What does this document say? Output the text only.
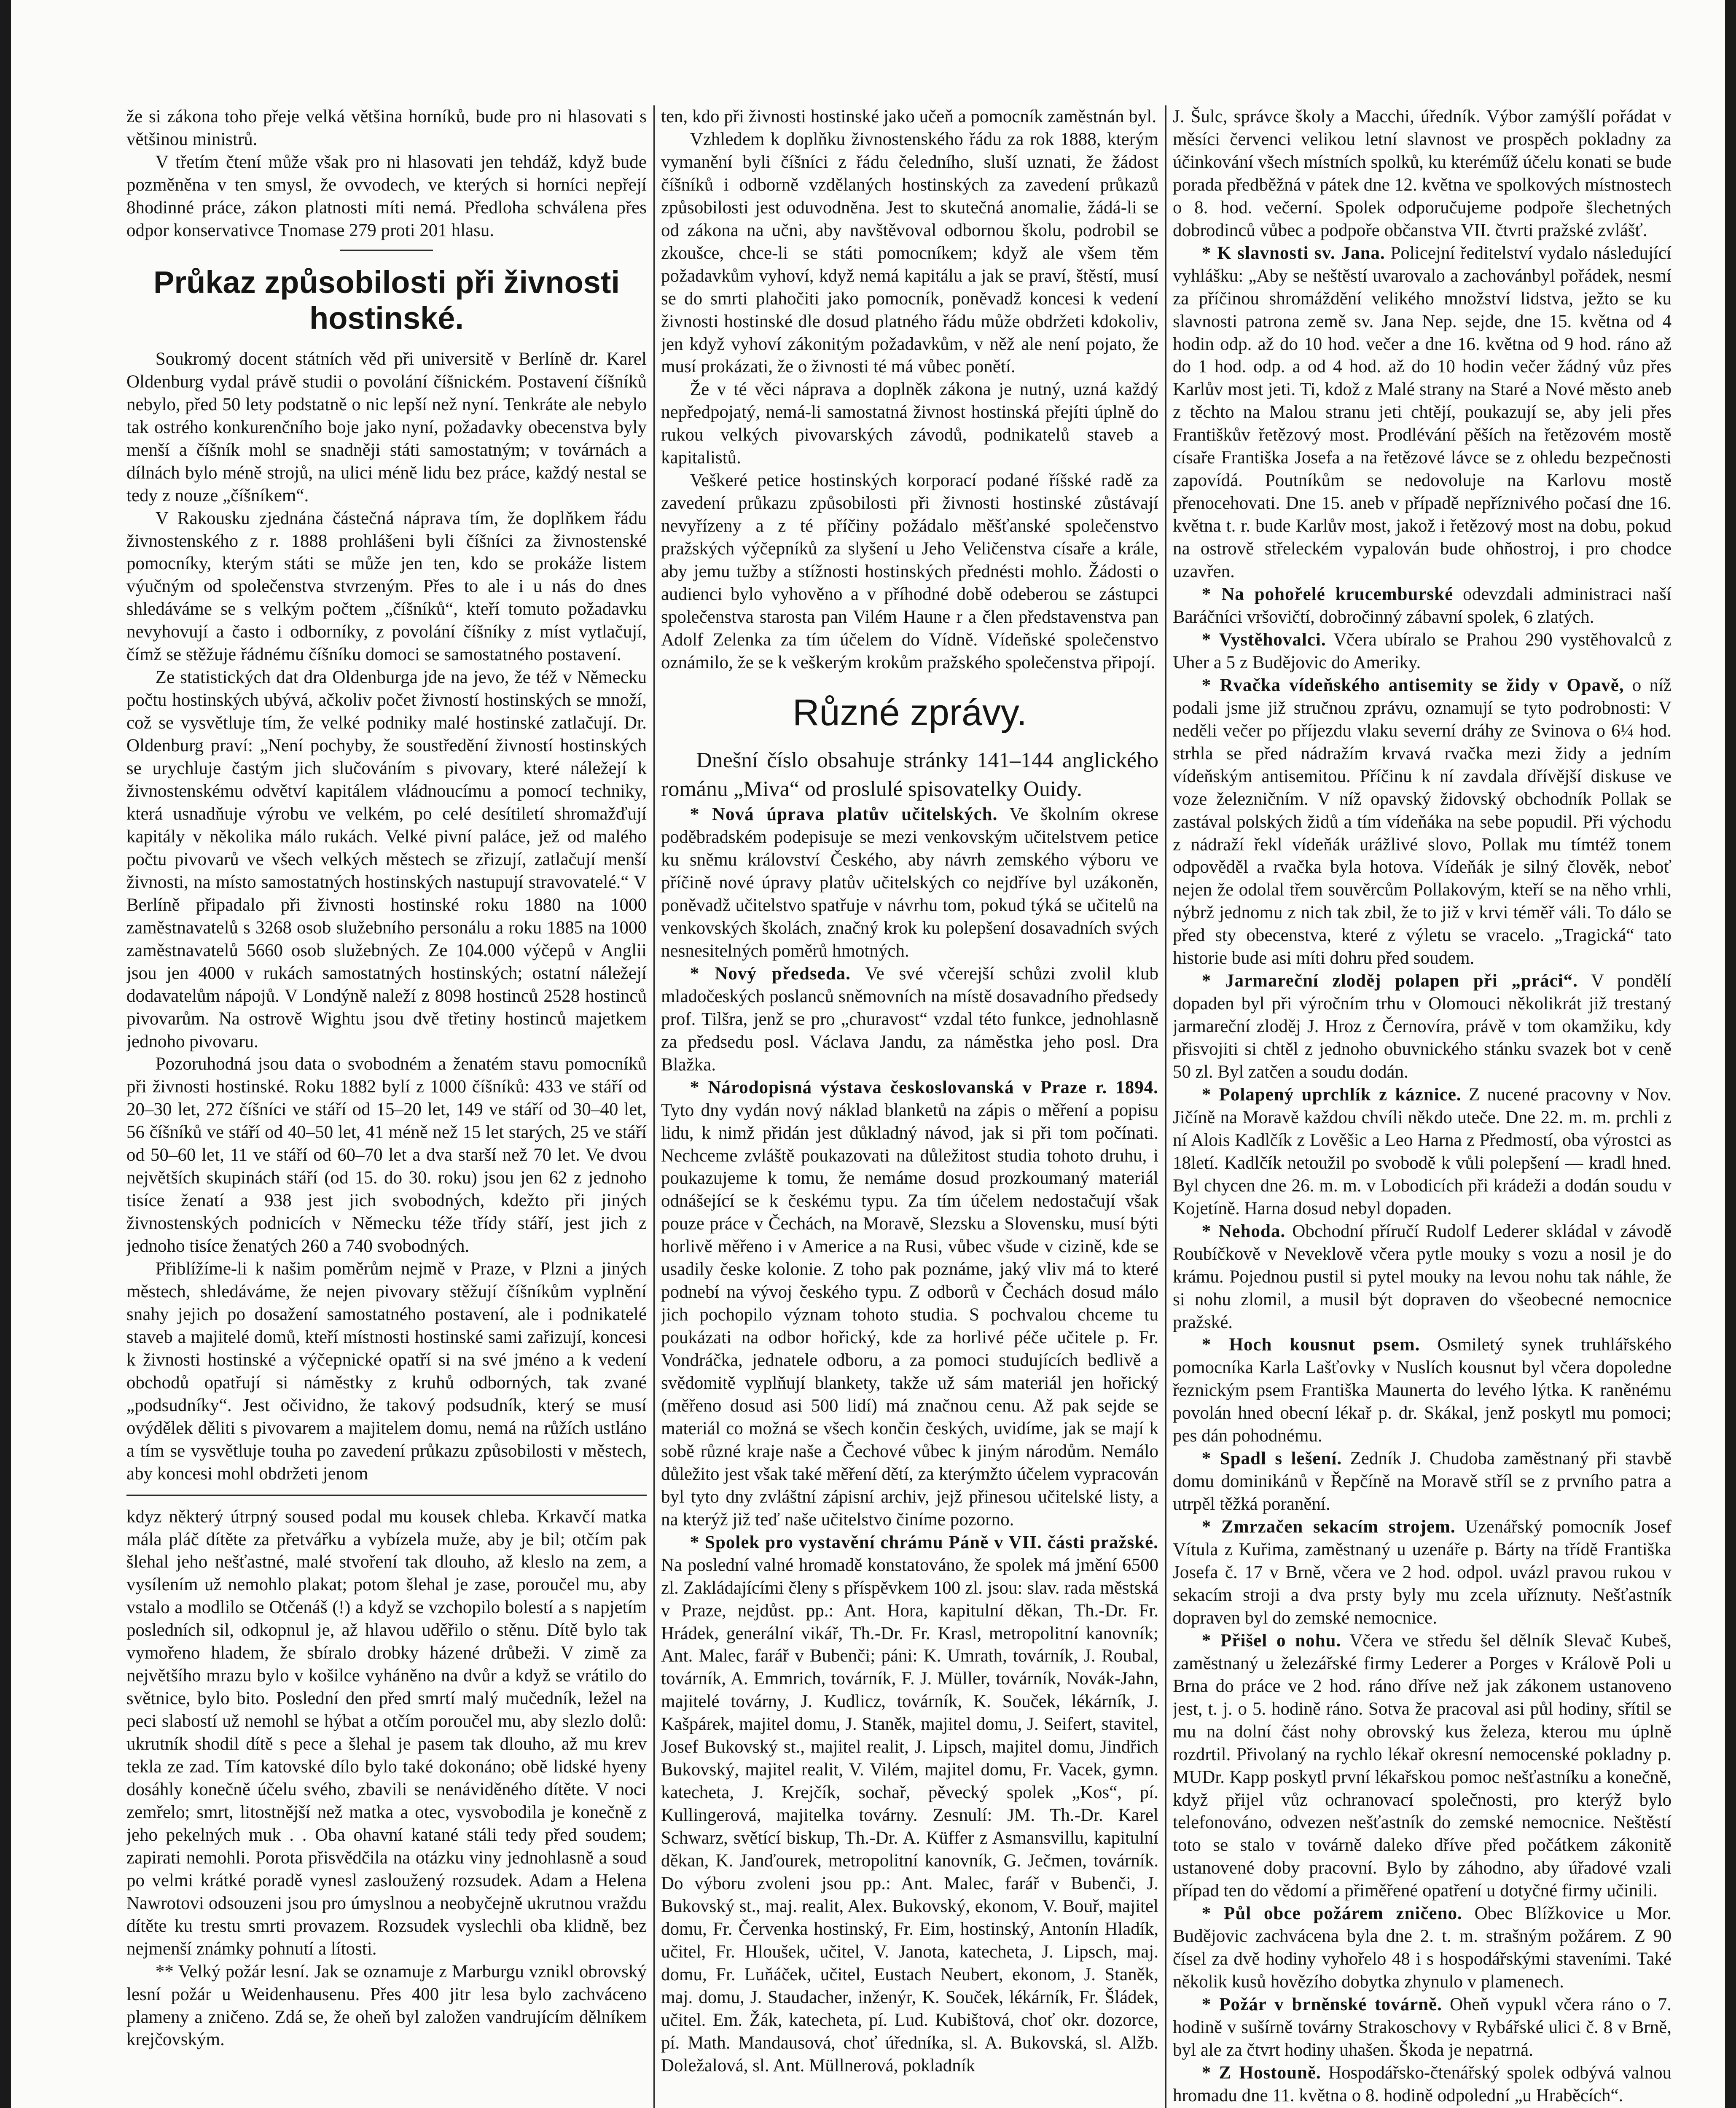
že si zákona toho přeje velká většina horníků, bude pro ni hlasovati s většinou ministrů.

V třetím čtení může však pro ni hlasovati jen tehdáž, když bude pozměněna v ten smysl, že ovvodech, ve kterých si horníci nepřejí 8hodinné práce, zákon platnosti míti nemá. Předloha schválena přes odpor konservativce Tnomase 279 proti 201 hlasu.

Průkaz způsobilosti při živnosti hostinské.

Soukromý docent státních věd při universitě v Berlíně dr. Karel Oldenburg vydal právě studii o povolání číšnickém. Postavení číšníků nebylo, před 50 lety podstatně o nic lepší než nyní. Tenkráte ale nebylo tak ostrého konkurenčního boje jako nyní, požadavky obecenstva byly menší a číšník mohl se snadněji státi samostatným; v továrnách a dílnách bylo méně strojů, na ulici méně lidu bez práce, každý nestal se tedy z nouze „číšníkem“.

V Rakousku zjednána částečná náprava tím, že doplňkem řádu živnostenského z r. 1888 prohlášeni byli číšníci za živnostenské pomocníky, kterým státi se může jen ten, kdo se prokáže listem výučným od společenstva stvrzeným. Přes to ale i u nás do dnes shledáváme se s velkým počtem „číšníků“, kteří tomuto požadavku nevyhovují a často i odborníky, z povolání číšníky z míst vytlačují, čímž se stěžuje řádnému číšníku domoci se samostatného postavení.

Ze statistických dat dra Oldenburga jde na jevo, že též v Německu počtu hostinských ubývá, ačkoliv počet živností hostinských se množí, což se vysvětluje tím, že velké podniky malé hostinské zatlačují. Dr. Oldenburg praví: „Není pochyby, že soustředění živností hostinských se urychluje častým jich slučováním s pivovary, které náležejí k živnostenskému odvětví kapitálem vládnoucímu a pomocí techniky, která usnadňuje výrobu ve velkém, po celé desítiletí shromažďují kapitály v několika málo rukách. Velké pivní paláce, jež od malého počtu pivovarů ve všech velkých městech se zřizují, zatlačují menší živnosti, na místo samostatných hostinských nastupují stravovatelé.“ V Berlíně připadalo při živnosti hostinské roku 1880 na 1000 zaměstnavatelů s 3268 osob služebního personálu a roku 1885 na 1000 zaměstnavatelů 5660 osob služebných. Ze 104.000 výčepů v Anglii jsou jen 4000 v rukách samostatných hostinských; ostatní náležejí dodavatelům nápojů. V Londýně naleží z 8098 hostinců 2528 hostinců pivovarům. Na ostrově Wightu jsou dvě třetiny hostinců majetkem jednoho pivovaru.

Pozoruhodná jsou data o svobodném a ženatém stavu pomocníků při živnosti hostinské. Roku 1882 bylí z 1000 číšníků: 433 ve stáří od 20–30 let, 272 číšníci ve stáří od 15–20 let, 149 ve stáří od 30–40 let, 56 číšníků ve stáří od 40–50 let, 41 méně než 15 let starých, 25 ve stáří od 50–60 let, 11 ve stáří od 60–70 let a dva starší než 70 let. Ve dvou největších skupinách stáří (od 15. do 30. roku) jsou jen 62 z jednoho tisíce ženatí a 938 jest jich svobodných, kdežto při jiných živnostenských podnicích v Německu téže třídy stáří, jest jich z jednoho tisíce ženatých 260 a 740 svobodných.

Přiblížíme-li k našim poměrům nejmě v Praze, v Plzni a jiných městech, shledáváme, že nejen pivovary stěžují číšníkům vyplnění snahy jejich po dosažení samostatného postavení, ale i podnikatelé staveb a majitelé domů, kteří místnosti hostinské sami zařizují, koncesi k živnosti hostinské a výčepnické opatří si na své jméno a k vedení obchodů opatřují si náměstky z kruhů odborných, tak zvané „podsudníky“. Jest očividno, že takový podsudník, který se musí ovýdělek děliti s pivovarem a majitelem domu, nemá na růžích ustláno a tím se vysvětluje touha po zavedení průkazu způsobilosti v městech, aby koncesi mohl obdržeti jenom

kdyz některý útrpný soused podal mu kousek chleba. Krkavčí matka mála pláč dítěte za přetvářku a vybízela muže, aby je bil; otčím pak šlehal jeho nešťastné, malé stvoření tak dlouho, až kleslo na zem, a vysílením už nemohlo plakat; potom šlehal je zase, poroučel mu, aby vstalo a modlilo se Otčenáš (!) a když se vzchopilo bolestí a s napjetím posledních sil, odkopnul je, až hlavou uděřilo o stěnu. Dítě bylo tak vymořeno hladem, že sbíralo drobky házené drůbeži. V zimě za největšího mrazu bylo v košilce vyháněno na dvůr a když se vrátilo do světnice, bylo bito. Poslední den před smrtí malý mučedník, ležel na peci slabostí už nemohl se hýbat a otčím poroučel mu, aby slezlo dolů: ukrutník shodil dítě s pece a šlehal je pasem tak dlouho, až mu krev tekla ze zad. Tím katovské dílo bylo také dokonáno; obě lidské hyeny dosáhly konečně účelu svého, zbavili se nenáviděného dítěte. V noci zemřelo; smrt, litostnější než matka a otec, vysvobodila je konečně z jeho pekelných muk . . Oba ohavní katané stáli tedy před soudem; zapirati nemohli. Porota přisvědčila na otázku viny jednohlasně a soud po velmi krátké poradě vynesl zasloužený rozsudek. Adam a Helena Nawrotovi odsouzeni jsou pro úmyslnou a neobyčejně ukrutnou vraždu dítěte ku trestu smrti provazem. Rozsudek vyslechli oba klidně, bez nejmenší známky pohnutí a lítosti.

** Velký požár lesní. Jak se oznamuje z Marburgu vznikl obrovský lesní požár u Weidenhausenu. Přes 400 jitr lesa bylo zachváceno plameny a zničeno. Zdá se, že oheň byl založen vandrujícím dělníkem krejčovským.

ten, kdo při živnosti hostinské jako učeň a pomocník zaměstnán byl.

Vzhledem k doplňku živnostenského řádu za rok 1888, kterým vymanění byli číšníci z řádu čeledního, sluší uznati, že žádost číšníků i odborně vzdělaných hostinských za zavedení průkazů způsobilosti jest oduvodněna. Jest to skutečná anomalie, žádá-li se od zákona na učni, aby navštěvoval odbornou školu, podrobil se zkoušce, chce-li se státi pomocníkem; když ale všem těm požadavkům vyhoví, když nemá kapitálu a jak se praví, štěstí, musí se do smrti plahočiti jako pomocník, poněvadž koncesi k vedení živnosti hostinské dle dosud platného řádu může obdržeti kdokoliv, jen když vyhoví zákonitým požadavkům, v něž ale není pojato, že musí prokázati, že o živnosti té má vůbec ponětí.

Že v té věci náprava a doplněk zákona je nutný, uzná každý nepředpojatý, nemá-li samostatná živnost hostinská přejíti úplně do rukou velkých pivovarských závodů, podnikatelů staveb a kapitalistů.

Veškeré petice hostinských korporací podané říšské radě za zavedení průkazu způsobilosti při živnosti hostinské zůstávají nevyřízeny a z té příčiny požádalo měšťanské společenstvo pražských výčepníků za slyšení u Jeho Veličenstva císaře a krále, aby jemu tužby a stížnosti hostinských přednésti mohlo. Žádosti o audienci bylo vyhověno a v příhodné době odeberou se zástupci společenstva starosta pan Vilém Haune r a člen představenstva pan Adolf Zelenka za tím účelem do Vídně. Vídeňské společenstvo oznámilo, že se k veškerým krokům pražského společenstva připojí.

Různé zprávy.

Dnešní číslo obsahuje stránky 141–144 anglického románu „Miva“ od proslulé spisovatelky Ouidy.

* Nová úprava platův učitelských. Ve školním okrese poděbradském podepisuje se mezi venkovským učitelstvem petice ku sněmu království Českého, aby návrh zemského výboru ve příčině nové úpravy platův učitelských co nejdříve byl uzákoněn, poněvadž učitelstvo spatřuje v návrhu tom, pokud týká se učitelů na venkovských školách, značný krok ku polepšení dosavadních svých nesnesitelných poměrů hmotných.

* Nový předseda. Ve své včerejší schůzi zvolil klub mladočeských poslanců sněmovních na místě dosavadního předsedy prof. Tilšra, jenž se pro „churavost“ vzdal této funkce, jednohlasně za předsedu posl. Václava Jandu, za náměstka jeho posl. Dra Blažka.

* Národopisná výstava českoslovanská v Praze r. 1894. Tyto dny vydán nový náklad blanketů na zápis o měření a popisu lidu, k nimž přidán jest důkladný návod, jak si při tom počínati. Nechceme zvláště poukazovati na důležitost studia tohoto druhu, i poukazujeme k tomu, že nemáme dosud prozkoumaný materiál odnášející se k českému typu. Za tím účelem nedostačují však pouze práce v Čechách, na Moravě, Slezsku a Slovensku, musí býti horlivě měřeno i v Americe a na Rusi, vůbec všude v cizině, kde se usadily česke kolonie. Z toho pak poznáme, jaký vliv má to které podnebí na vývoj českého typu. Z odborů v Čechách dosud málo jich pochopilo význam tohoto studia. S pochvalou chceme tu poukázati na odbor hořický, kde za horlivé péče učitele p. Fr. Vondráčka, jednatele odboru, a za pomoci studujících bedlivě a svědomitě vyplňují blankety, takže už sám materiál jen hořický (měřeno dosud asi 500 lidí) má značnou cenu. Až pak sejde se materiál co možná se všech končin českých, uvidíme, jak se mají k sobě různé kraje naše a Čechové vůbec k jiným národům. Nemálo důležito jest však také měření dětí, za kterýmžto účelem vypracován byl tyto dny zvláštní zápisní archiv, jejž přinesou učitelské listy, a na kterýž již teď naše učitelstvo činíme pozorno.

* Spolek pro vystavění chrámu Páně v VII. části pražské. Na poslední valné hromadě konstatováno, že spolek má jmění 6500 zl. Zakládajícími členy s příspěvkem 100 zl. jsou: slav. rada městská v Praze, nejdůst. pp.: Ant. Hora, kapitulní děkan, Th.-Dr. Fr. Hrádek, generální vikář, Th.-Dr. Fr. Krasl, metropolitní kanovník; Ant. Malec, farář v Bubenči; páni: K. Umrath, továrník, J. Roubal, továrník, A. Emmrich, továrník, F. J. Müller, továrník, Novák-Jahn, majitelé továrny, J. Kudlicz, továrník, K. Souček, lékárník, J. Kašpárek, majitel domu, J. Staněk, majitel domu, J. Seifert, stavitel, Josef Bukovský st., majitel realit, J. Lipsch, majitel domu, Jindřich Bukovský, majitel realit, V. Vilém, majitel domu, Fr. Vacek, gymn. katecheta, J. Krejčík, sochař, pěvecký spolek „Kos“, pí. Kullingerová, majitelka továrny. Zesnulí: JM. Th.-Dr. Karel Schwarz, světící biskup, Th.-Dr. A. Küffer z Asmansvillu, kapitulní děkan, K. Janďourek, metropolitní kanovník, G. Ječmen, továrník. Do výboru zvoleni jsou pp.: Ant. Malec, farář v Bubenči, J. Bukovský st., maj. realit, Alex. Bukovský, ekonom, V. Bouř, majitel domu, Fr. Červenka hostinský, Fr. Eim, hostinský, Antonín Hladík, učitel, Fr. Hloušek, učitel, V. Janota, katecheta, J. Lipsch, maj. domu, Fr. Luňáček, učitel, Eustach Neubert, ekonom, J. Staněk, maj. domu, J. Staudacher, inženýr, K. Souček, lékárník, Fr. Šládek, učitel. Em. Žák, katecheta, pí. Lud. Kubištová, choť okr. dozorce, pí. Math. Mandausová, choť úředníka, sl. A. Bukovská, sl. Alžb. Doležalová, sl. Ant. Müllnerová, pokladník

J. Šulc, správce školy a Macchi, úředník. Výbor zamýšlí pořádat v měsíci červenci velikou letní slavnost ve prospěch pokladny za účinkování všech místních spolků, ku kteréműž účelu konati se bude porada předběžná v pátek dne 12. května ve spolkových místnostech o 8. hod. večerní. Spolek odporučujeme podpoře šlechetných dobrodinců vůbec a podpoře občanstva VII. čtvrti pražské zvlášť.

* K slavnosti sv. Jana. Policejní ředitelství vydalo následující vyhlášku: „Aby se neštěstí uvarovalo a zachovánbyl pořádek, nesmí za příčinou shromáždění velikého množství lidstva, ježto se ku slavnosti patrona země sv. Jana Nep. sejde, dne 15. května od 4 hodin odp. až do 10 hod. večer a dne 16. května od 9 hod. ráno až do 1 hod. odp. a od 4 hod. až do 10 hodin večer žádný vůz přes Karlův most jeti. Ti, kdož z Malé strany na Staré a Nové město aneb z těchto na Malou stranu jeti chtějí, poukazují se, aby jeli přes Františkův řetězový most. Prodlévání pěších na řetězovém mostě císaře Františka Josefa a na řetězové lávce se z ohledu bezpečnosti zapovídá. Poutníkům se nedovoluje na Karlovu mostě přenocehovati. Dne 15. aneb v případě nepříznivého počasí dne 16. května t. r. bude Karlův most, jakož i řetězový most na dobu, pokud na ostrově střeleckém vypalován bude ohňostroj, i pro chodce uzavřen.

* Na pohořelé krucemburské odevzdali administraci naší Baráčníci vršovičtí, dobročinný zábavní spolek, 6 zlatých.

* Vystěhovalci. Včera ubíralo se Prahou 290 vystěhovalců z Uher a 5 z Budějovic do Ameriky.

* Rvačka vídeňského antisemity se židy v Opavě, o níž podali jsme již stručnou zprávu, oznamují se tyto podrobnosti: V neděli večer po příjezdu vlaku severní dráhy ze Svinova o 6¼ hod. strhla se před nádražím krvavá rvačka mezi židy a jedním vídeňským antisemitou. Příčinu k ní zavdala dřívější diskuse ve voze železničním. V níž opavský židovský obchodník Pollak se zastával polských židů a tím vídeňáka na sebe popudil. Při východu z nádraží řekl vídeňák urážlivé slovo, Pollak mu tímtéž tonem odpověděl a rvačka byla hotova. Vídeňák je silný člověk, neboť nejen že odolal třem souvěrcům Pollakovým, kteří se na něho vrhli, nýbrž jednomu z nich tak zbil, že to již v krvi téměř váli. To dálo se před sty obecenstva, které z výletu se vracelo. „Tragická“ tato historie bude asi míti dohru před soudem.

* Jarmareční zloděj polapen při „práci“. V pondělí dopaden byl při výročním trhu v Olomouci několikrát již trestaný jarmareční zloděj J. Hroz z Černovíra, právě v tom okamžiku, kdy přisvojiti si chtěl z jednoho obuvnického stánku svazek bot v ceně 50 zl. Byl zatčen a soudu dodán.

* Polapený uprchlík z káznice. Z nucené pracovny v Nov. Jičíně na Moravě každou chvíli někdo uteče. Dne 22. m. m. prchli z ní Alois Kadlčík z Lověšic a Leo Harna z Předmostí, oba výrostci as 18letí. Kadlčík netoužil po svobodě k vůli polepšení — kradl hned. Byl chycen dne 26. m. m. v Lobodicích při krádeži a dodán soudu v Kojetíně. Harna dosud nebyl dopaden.

* Nehoda. Obchodní příručí Rudolf Lederer skládal v závodě Roubíčkově v Neveklově včera pytle mouky s vozu a nosil je do krámu. Pojednou pustil si pytel mouky na levou nohu tak náhle, že si nohu zlomil, a musil být dopraven do všeobecné nemocnice pražské.

* Hoch kousnut psem. Osmiletý synek truhlářského pomocníka Karla Lašťovky v Nuslích kousnut byl včera dopoledne řeznickým psem Františka Maunerta do levého lýtka. K raněnému povolán hned obecní lékař p. dr. Skákal, jenž poskytl mu pomoci; pes dán pohodnému.

* Spadl s lešení. Zedník J. Chudoba zaměstnaný při stavbě domu dominikánů v Řepčíně na Moravě stříl se z prvního patra a utrpěl těžká poranění.

* Zmrzačen sekacím strojem. Uzenářský pomocník Josef Vítula z Kuřima, zaměstnaný u uzenáře p. Bárty na třídě Františka Josefa č. 17 v Brně, včera ve 2 hod. odpol. uvázl pravou rukou v sekacím stroji a dva prsty byly mu zcela uříznuty. Nešťastník dopraven byl do zemské nemocnice.

* Přišel o nohu. Včera ve středu šel dělník Slevač Kubeš, zaměstnaný u železářské firmy Lederer a Porges v Králově Poli u Brna do práce ve 2 hod. ráno dříve než jak zákonem ustanoveno jest, t. j. o 5. hodině ráno. Sotva že pracoval asi půl hodiny, sřítil se mu na dolní část nohy obrovský kus železa, kterou mu úplně rozdrtil. Přivolaný na rychlo lékař okresní nemocenské pokladny p. MUDr. Kapp poskytl první lékařskou pomoc nešťastníku a konečně, když přijel vůz ochranovací společnosti, pro kterýž bylo telefonováno, odvezen nešťastník do zemské nemocnice. Neštěstí toto se stalo v továrně daleko dříve před počátkem zákonitě ustanovené doby pracovní. Bylo by záhodno, aby úřadové vzali případ ten do vědomí a přiměřené opatření u dotyčné firmy učinili.

* Půl obce požárem zničeno. Obec Blížkovice u Mor. Budějovic zachvácena byla dne 2. t. m. strašným požárem. Z 90 čísel za dvě hodiny vyhořelo 48 i s hospodářskými staveními. Také několik kusů hovězího dobytka zhynulo v plamenech.

* Požár v brněnské továrně. Oheň vypukl včera ráno o 7. hodině v sušírně továrny Strakoschovy v Rybářské ulici č. 8 v Brně, byl ale za čtvrt hodiny uhašen. Škoda je nepatrná.

* Z Hostouně. Hospodářsko-čtenářský spolek odbývá valnou hromadu dne 11. května o 8. hodině odpolední „u Hraběcích“.
